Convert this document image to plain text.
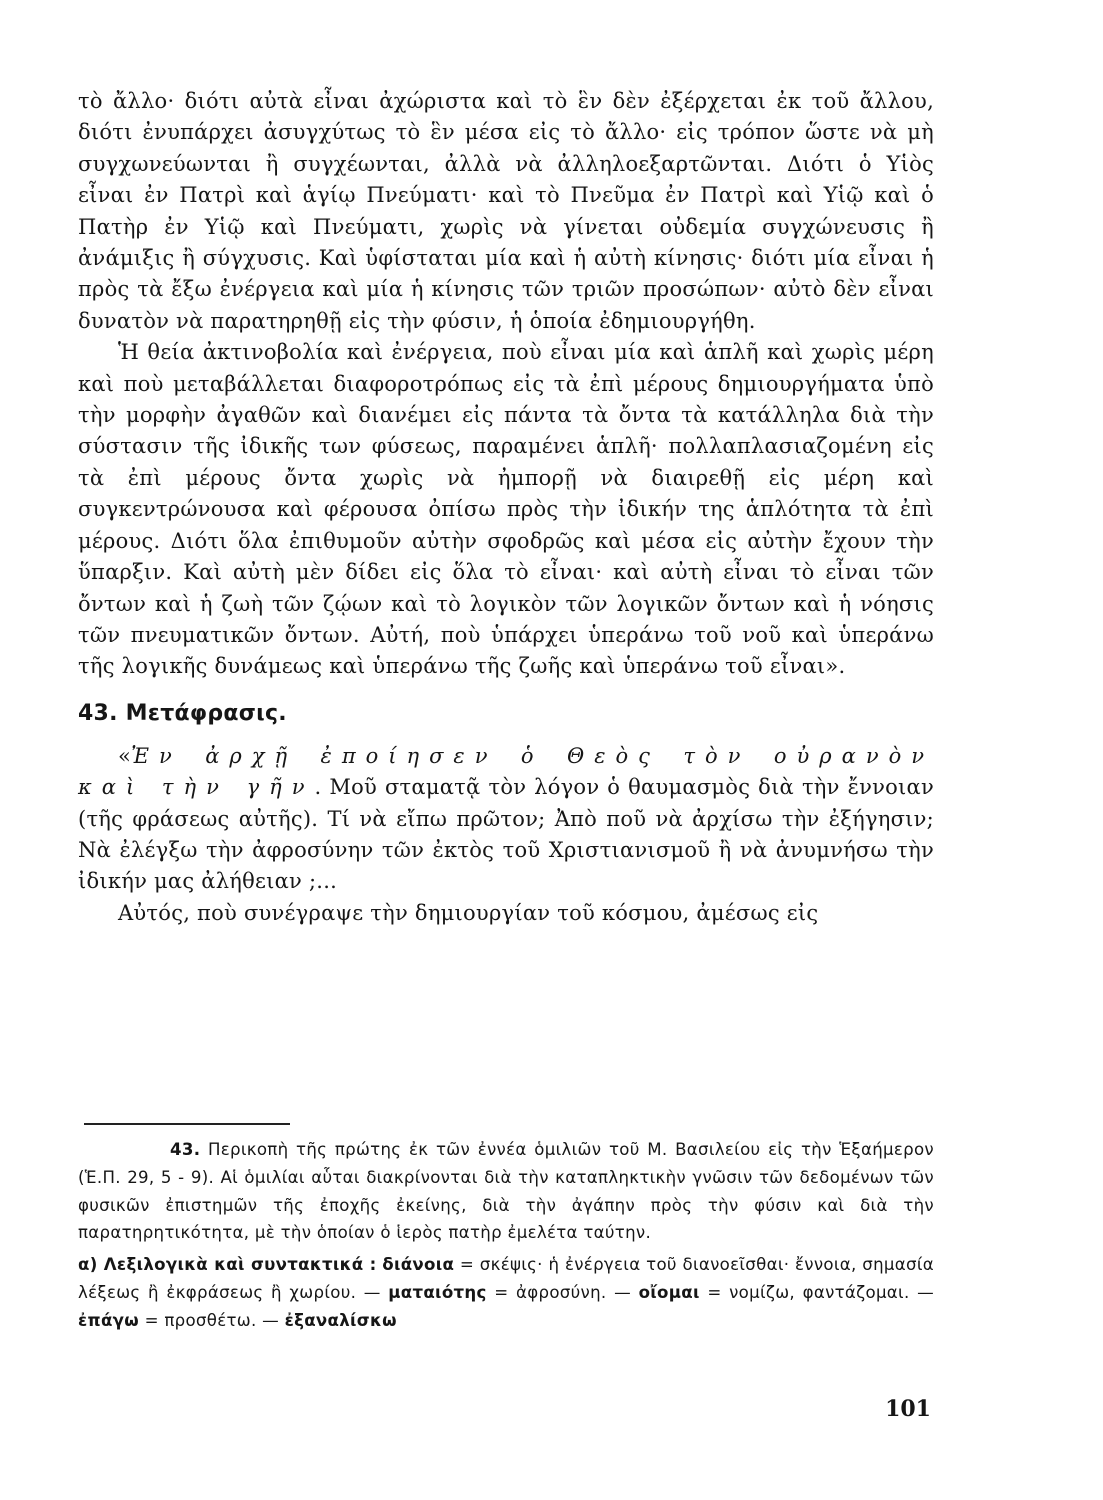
τὸ ἄλλο· διότι αὐτὰ εἶναι ἀχώριστα καὶ τὸ ἓν δὲν ἐξέρχεται ἐκ τοῦ ἄλλου, διότι ἐνυπάρχει ἀσυγχύτως τὸ ἓν μέσα εἰς τὸ ἄλλο· εἰς τρόπον ὥστε νὰ μὴ συγχωνεύωνται ἢ συγχέωνται, ἀλλὰ νὰ ἀλληλοεξαρτῶνται. Διότι ὁ Υἱὸς εἶναι ἐν Πατρὶ καὶ ἁγίῳ Πνεύματι· καὶ τὸ Πνεῦμα ἐν Πατρὶ καὶ Υἱῷ καὶ ὁ Πατὴρ ἐν Υἱῷ καὶ Πνεύματι, χωρὶς νὰ γίνεται οὐδεμία συγχώνευσις ἢ ἀνάμιξις ἢ σύγχυσις. Καὶ ὑφίσταται μία καὶ ἡ αὐτὴ κίνησις· διότι μία εἶναι ἡ πρὸς τὰ ἔξω ἐνέργεια καὶ μία ἡ κίνησις τῶν τριῶν προσώπων· αὐτὸ δὲν εἶναι δυνατὸν νὰ παρατηρηθῇ εἰς τὴν φύσιν, ἡ ὁποία ἐδημιουργήθη.

Ἡ θεία ἀκτινοβολία καὶ ἐνέργεια, ποὺ εἶναι μία καὶ ἁπλῆ καὶ χωρὶς μέρη καὶ ποὺ μεταβάλλεται διαφοροτρόπως εἰς τὰ ἐπὶ μέρους δημιουργήματα ὑπὸ τὴν μορφὴν ἀγαθῶν καὶ διανέμει εἰς πάντα τὰ ὄντα τὰ κατάλληλα διὰ τὴν σύστασιν τῆς ἰδικῆς των φύσεως, παραμένει ἁπλῆ· πολλαπλασιαζομένη εἰς τὰ ἐπὶ μέρους ὄντα χωρὶς νὰ ἠμπορῇ νὰ διαιρεθῇ εἰς μέρη καὶ συγκεντρώνουσα καὶ φέρουσα ὀπίσω πρὸς τὴν ἰδικήν της ἁπλότητα τὰ ἐπὶ μέρους. Διότι ὅλα ἐπιθυμοῦν αὐτὴν σφοδρῶς καὶ μέσα εἰς αὐτὴν ἔχουν τὴν ὕπαρξιν. Καὶ αὐτὴ μὲν δίδει εἰς ὅλα τὸ εἶναι· καὶ αὐτὴ εἶναι τὸ εἶναι τῶν ὄντων καὶ ἡ ζωὴ τῶν ζῴων καὶ τὸ λογικὸν τῶν λογικῶν ὄντων καὶ ἡ νόησις τῶν πνευματικῶν ὄντων. Αὐτή, ποὺ ὑπάρχει ὑπεράνω τοῦ νοῦ καὶ ὑπεράνω τῆς λογικῆς δυνάμεως καὶ ὑπεράνω τῆς ζωῆς καὶ ὑπεράνω τοῦ εἶναι».

43. Μετάφρασις.

«Ἐν ἀρχῇ ἐποίησεν ὁ Θεὸς τὸν οὐρανὸν καὶ τὴν γῆν. Μοῦ σταματᾷ τὸν λόγον ὁ θαυμασμὸς διὰ τὴν ἔννοιαν (τῆς φράσεως αὐτῆς). Τί νὰ εἴπω πρῶτον; Ἀπὸ ποῦ νὰ ἀρχίσω τὴν ἐξήγησιν; Νὰ ἐλέγξω τὴν ἀφροσύνην τῶν ἐκτὸς τοῦ Χριστιανισμοῦ ἢ νὰ ἀνυμνήσω τὴν ἰδικήν μας ἀλήθειαν ;...

Αὐτός, ποὺ συνέγραψε τὴν δημιουργίαν τοῦ κόσμου, ἀμέσως εἰς

43. Περικοπὴ τῆς πρώτης ἐκ τῶν ἐννέα ὁμιλιῶν τοῦ Μ. Βασιλείου εἰς τὴν Ἑξαήμερον (Ἑ.Π. 29, 5 - 9). Αἱ ὁμιλίαι αὗται διακρίνονται διὰ τὴν καταπληκτικὴν γνῶσιν τῶν δεδομένων τῶν φυσικῶν ἐπιστημῶν τῆς ἐποχῆς ἐκείνης, διὰ τὴν ἀγάπην πρὸς τὴν φύσιν καὶ διὰ τὴν παρατηρητικότητα, μὲ τὴν ὁποίαν ὁ ἱερὸς πατὴρ ἐμελέτα ταύτην.

α) Λεξιλογικὰ καὶ συντακτικά : διάνοια = σκέψις· ἡ ἐνέργεια τοῦ διανοεῖσθαι· ἔννοια, σημασία λέξεως ἢ ἐκφράσεως ἢ χωρίου. — ματαιότης = ἀφροσύνη. — οἴομαι = νομίζω, φαντάζομαι. — ἐπάγω = προσθέτω. — ἐξαναλίσκω

101
